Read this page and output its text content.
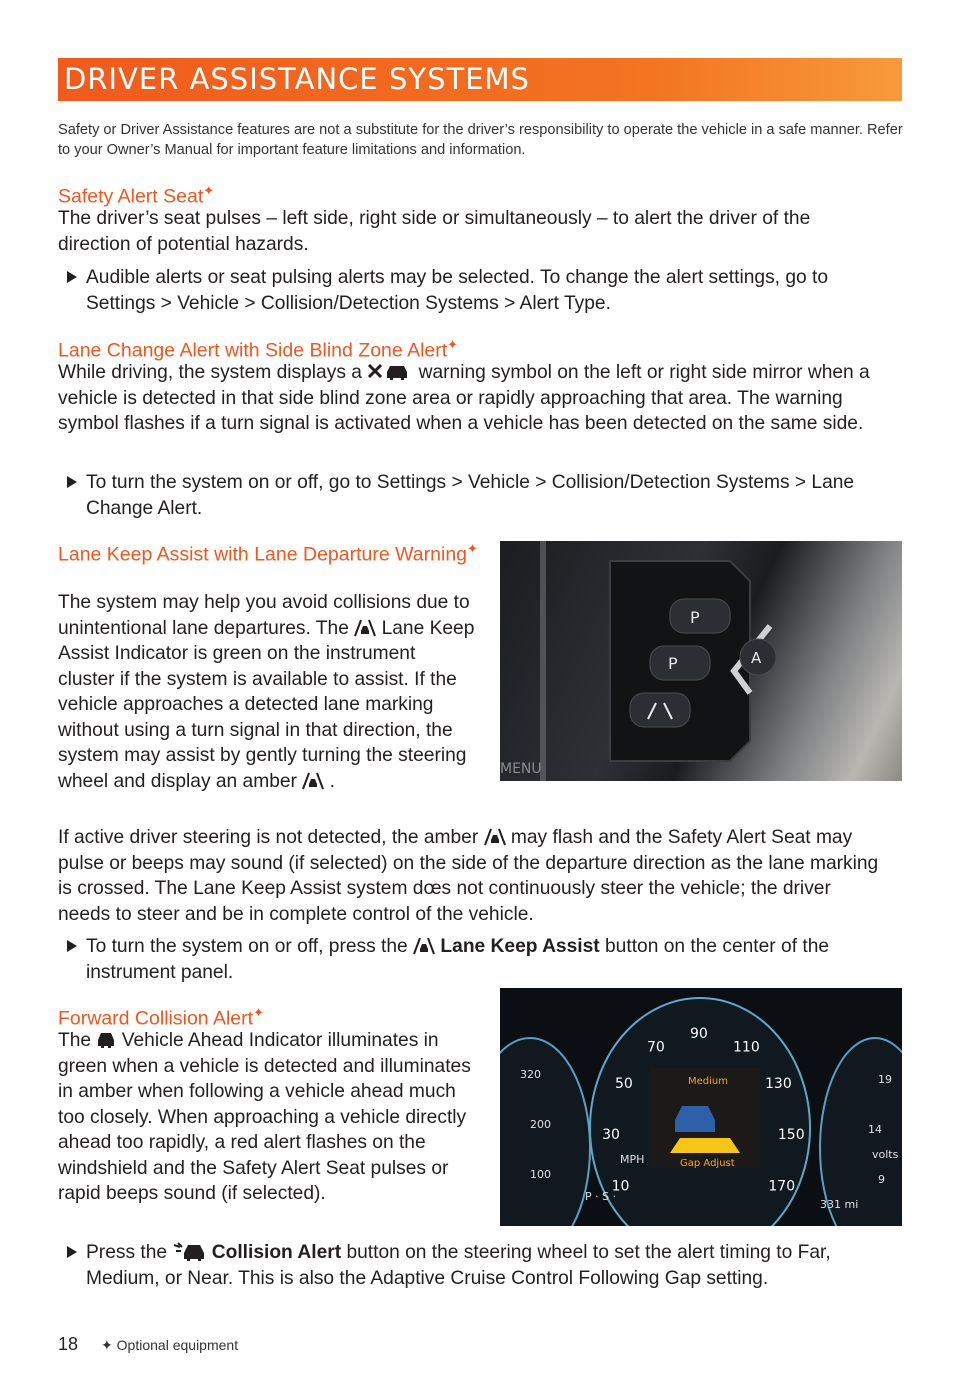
DRIVER ASSISTANCE SYSTEMS
Safety or Driver Assistance features are not a substitute for the driver’s responsibility to operate the vehicle in a safe manner. Refer to your Owner’s Manual for important feature limitations and information.
Safety Alert Seat✦
The driver’s seat pulses – left side, right side or simultaneously – to alert the driver of the direction of potential hazards.
Audible alerts or seat pulsing alerts may be selected. To change the alert settings, go to Settings > Vehicle > Collision/Detection Systems > Alert Type.
Lane Change Alert with Side Blind Zone Alert✦
While driving, the system displays a	warning symbol on the left or right side mirror when a vehicle is detected in that side blind zone area or rapidly approaching that area. The warning symbol flashes if a turn signal is activated when a vehicle has been detected on the same side.
To turn the system on or off, go to Settings > Vehicle > Collision/Detection Systems > Lane Change Alert.
Lane Keep Assist with Lane Departure Warning✦
The system may help you avoid collisions due to unintentional lane departures. The Lane Keep Assist Indicator is green on the instrument cluster if the system is available to assist. If the vehicle approaches a detected lane marking without using a turn signal in that direction, the system may assist by gently turning the steering wheel and display an amber .
P
P	A
MENU
If active driver steering is not detected, the amber may flash and the Safety Alert Seat may pulse or beeps may sound (if selected) on the side of the departure direction as the lane marking is crossed. The Lane Keep Assist system dœs not continuously steer the vehicle; the driver needs to steer and be in complete control of the vehicle.
To turn the system on or off, press the Lane Keep Assist button on the center of the instrument panel.
Forward Collision Alert✦
The Vehicle Ahead Indicator illuminates in green when a vehicle is detected and illuminates in amber when following a vehicle ahead much too closely. When approaching a vehicle directly ahead too rapidly, a red alert flashes on the windshield and the Safety Alert Seat pulses or rapid beeps sound (if selected).	10
30
50
70
90
110
130
150
170
320
200
100
19
14
volts
9
MPH
P · S ·
331 mi
Medium
Gap Adjust
Press the Collision Alert button on the steering wheel to set the alert timing to Far, Medium, or Near. This is also the Adaptive Cruise Control Following Gap setting.
18 ✦ Optional equipment
